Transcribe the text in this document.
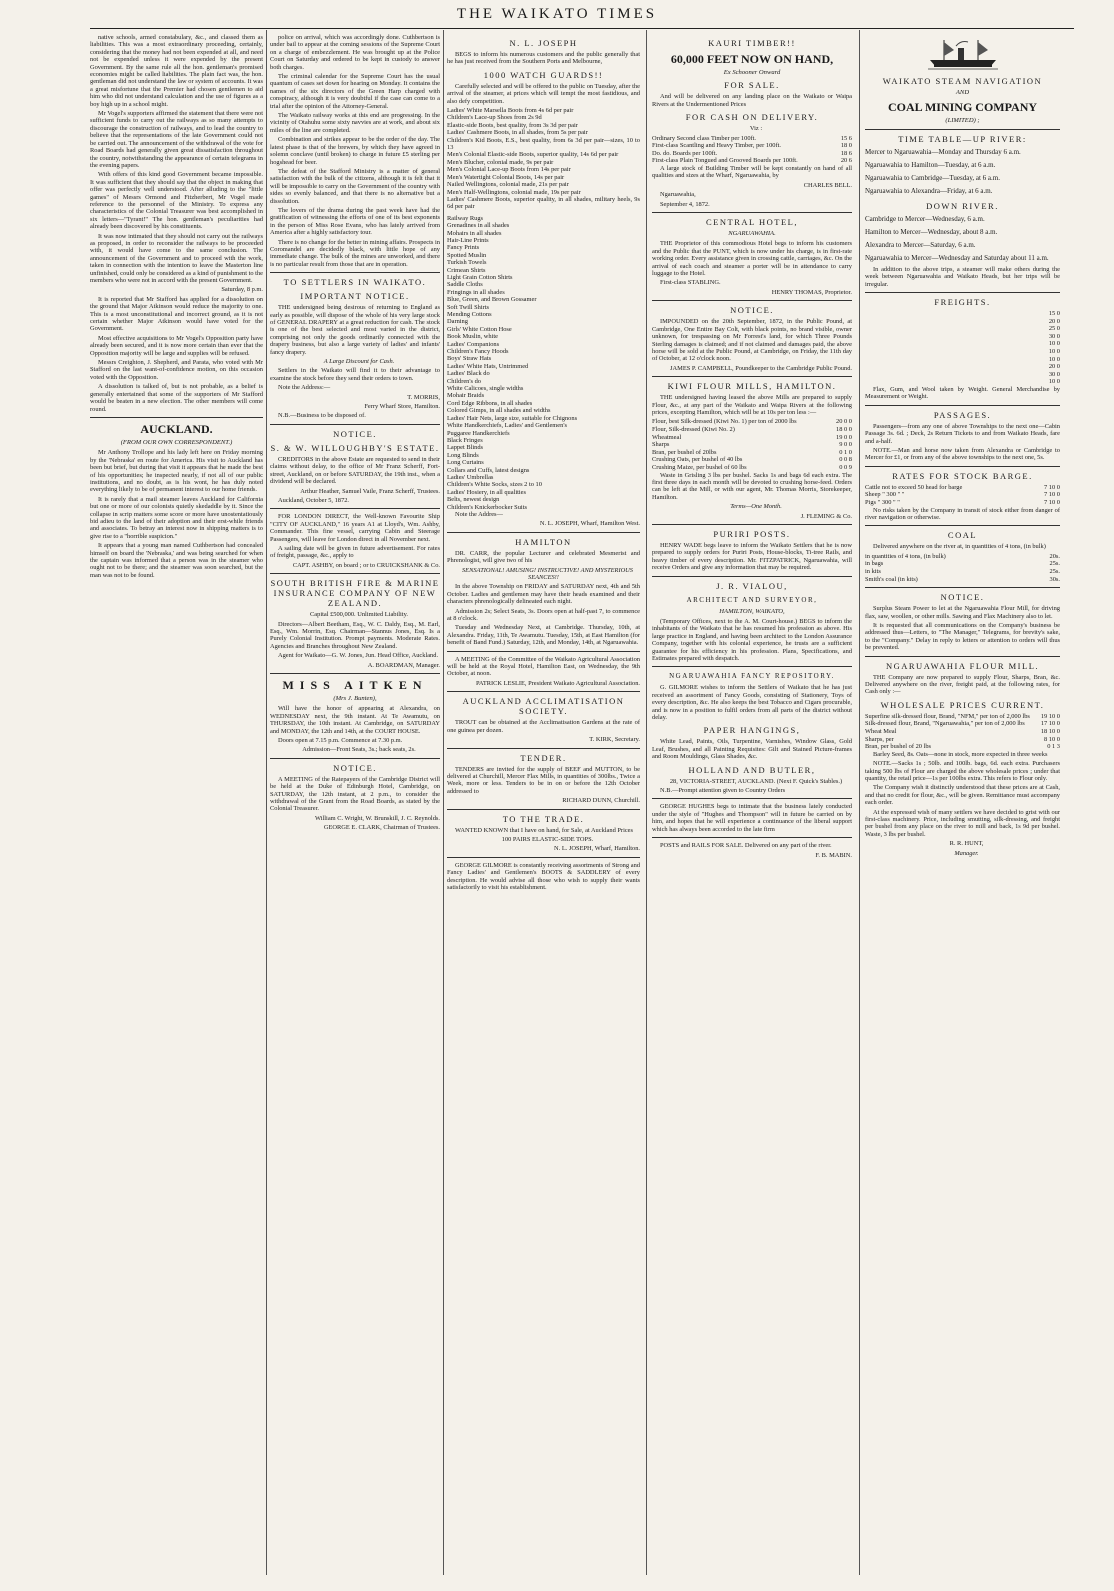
THE WAIKATO TIMES

native schools, armed constabulary, &c., and classed them as liabilities. This was a most extraordinary proceeding, certainly, considering that the money had not been expended at all, and need not be expended unless it were expended by the present Government. By the same rule all the hon. gentleman's promised economies might be called liabilities. The plain fact was, the hon. gentleman did not understand the law or system of accounts. It was a great misfortune that the Premier had chosen gentlemen to aid him who did not understand calculation and the use of figures as a boy high up in a school might.

Mr Vogel's supporters affirmed the statement that there were not sufficient funds to carry out the railways as so many attempts to discourage the construction of railways, and to lead the country to believe that the representations of the late Government could not be carried out. The announcement of the withdrawal of the vote for Road Boards had generally given great dissatisfaction throughout the country, notwithstanding the appearance of certain telegrams in the evening papers.

With offers of this kind good Government became impossible. It was sufficient that they should say that the object in making that offer was perfectly well understood. After alluding to the "little games" of Messrs Ormond and Fitzherbert, Mr Vogel made reference to the personnel of the Ministry. To express any characteristics of the Colonial Treasurer was best accomplished in six letters—"Tyrant!" The hon. gentleman's peculiarities had already been discovered by his constituents.

It was now intimated that they should not carry out the railways as proposed, in order to reconsider the railways to be proceeded with, it would have come to the same conclusion. The announcement of the Government and to proceed with the work, taken in connection with the intention to leave the Masterton line unfinished, could only be considered as a kind of punishment to the members who were not in accord with the present Government.

Saturday, 8 p.m.

It is reported that Mr Stafford has applied for a dissolution on the ground that Major Atkinson would reduce the majority to one. This is a most unconstitutional and incorrect ground, as it is not certain whether Major Atkinson would have voted for the Government.

Most effective acquisitions to Mr Vogel's Opposition party have already been secured, and it is now more certain than ever that the Opposition majority will be large and supplies will be refused.

Messrs Creighton, J. Shepherd, and Parata, who voted with Mr Stafford on the last want-of-confidence motion, on this occasion voted with the Opposition.

A dissolution is talked of, but is not probable, as a belief is generally entertained that some of the supporters of Mr Stafford would be beaten in a new election. The other members will come round.

AUCKLAND.
(FROM OUR OWN CORRESPONDENT.)

Mr Anthony Trollope and his lady left here on Friday morning by the 'Nebraska' en route for America. His visit to Auckland has been but brief, but during that visit it appears that he made the best of his opportunities; he inspected nearly, if not all of our public institutions, and no doubt, as is his wont, he has duly noted everything likely to be of permanent interest to our home friends.

It is rarely that a mail steamer leaves Auckland for California but one or more of our colonists quietly skedaddle by it. Since the collapse in scrip matters some score or more have unostentatiously bid adieu to the land of their adoption and their erst-while friends and associates. To betray an interest now in shipping matters is to give rise to a "horrible suspicion."

It appears that a young man named Cuthbertson had concealed himself on board the 'Nebraska,' and was being searched for when the captain was informed that a person was in the steamer who ought not to be there; and the steamer was soon searched, but the man was not to be found.

police on arrival, which was accordingly done. Cuthbertson is under bail to appear at the coming sessions of the Supreme Court on a charge of embezzlement. He was brought up at the Police Court on Saturday and ordered to be kept in custody to answer both charges.

The criminal calendar for the Supreme Court has the usual quantum of cases set down for hearing on Monday. It contains the names of the six directors of the Green Harp charged with conspiracy, although it is very doubtful if the case can come to a trial after the opinion of the Attorney-General.

The Waikato railway works at this end are progressing. In the vicinity of Otahuhu some sixty navvies are at work, and about six miles of the line are completed.

Combination and strikes appear to be the order of the day. The latest phase is that of the brewers, by which they have agreed in solemn conclave (until broken) to charge in future £5 sterling per hogshead for beer.

The defeat of the Stafford Ministry is a matter of general satisfaction with the bulk of the citizens, although it is felt that it will be impossible to carry on the Government of the country with sides so evenly balanced, and that there is no alternative but a dissolution.

The lovers of the drama during the past week have had the gratification of witnessing the efforts of one of its best exponents in the person of Miss Rose Evans, who has lately arrived from America after a highly satisfactory tour.

There is no change for the better in mining affairs. Prospects in Coromandel are decidedly black, with little hope of any immediate change. The bulk of the mines are unworked, and there is no particular result from those that are in operation.

TO SETTLERS IN WAIKATO.
IMPORTANT NOTICE.

THE undersigned being desirous of returning to England as early as possible, will dispose of the whole of his very large stock of GENERAL DRAPERY at a great reduction for cash. The stock is one of the best selected and most varied in the district, comprising not only the goods ordinarily connected with the drapery business, but also a large variety of ladies' and infants' fancy drapery.

A Large Discount for Cash.

Settlers in the Waikato will find it to their advantage to examine the stock before they send their orders to town.

Note the Address:—

T. MORRIS,

Ferry Wharf Store, Hamilton.

N.B.—Business to be disposed of.

NOTICE.
S. & W. WILLOUGHBY'S ESTATE.

CREDITORS in the above Estate are requested to send in their claims without delay, to the office of Mr Franz Scherff, Fort-street, Auckland, on or before SATURDAY, the 19th inst., when a dividend will be declared.

Arthur Heather, Samuel Vaile, Franz Scherff, Trustees.

Auckland, October 5, 1872.

FOR LONDON DIRECT, the Well-known Favourite Ship "CITY OF AUCKLAND," 16 years A1 at Lloyd's, Wm. Ashby, Commander. This fine vessel, carrying Cabin and Steerage Passengers, will leave for London direct in all November next.

A sailing date will be given in future advertisement. For rates of freight, passage, &c., apply to

CAPT. ASHBY, on board ; or to CRUICKSHANK & Co.

SOUTH BRITISH FIRE & MARINE INSURANCE COMPANY OF NEW ZEALAND.

Capital £500,000. Unlimited Liability.

Directors—Albert Beetham, Esq., W. C. Daldy, Esq., M. Earl, Esq., Wm. Morrin, Esq. Chairman—Stannus Jones, Esq. Is a Purely Colonial Institution. Prompt payments. Moderate Rates. Agencies and Branches throughout New Zealand.

Agent for Waikato—G. W. Jones, Jun. Head Office, Auckland.

A. BOARDMAN, Manager.

MISS AITKEN
(Mrs J. Bunten),

Will have the honor of appearing at Alexandra, on WEDNESDAY next, the 9th instant. At Te Awamutu, on THURSDAY, the 10th instant. At Cambridge, on SATURDAY and MONDAY, the 12th and 14th, at the COURT HOUSE.

Doors open at 7.15 p.m. Commence at 7.30 p.m.

Admission—Front Seats, 3s.; back seats, 2s.

NOTICE.

A MEETING of the Ratepayers of the Cambridge District will be held at the Duke of Edinburgh Hotel, Cambridge, on SATURDAY, the 12th instant, at 2 p.m., to consider the withdrawal of the Grant from the Road Boards, as stated by the Colonial Treasurer.

William C. Wright, W. Brunskill, J. C. Reynolds.

GEORGE E. CLARK, Chairman of Trustees.

N. L. JOSEPH

BEGS to inform his numerous customers and the public generally that he has just received from the Southern Ports and Melbourne,

1000 WATCH GUARDS!!

Carefully selected and will be offered to the public on Tuesday, after the arrival of the steamer, at prices which will tempt the most fastidious, and also defy competition.

Ladies' White Marsella Boots from 4s 6d per pair

Children's Lace-up Shoes from 2s 9d

Elastic-side Boots, best quality, from 3s 3d per pair

Ladies' Cashmere Boots, in all shades, from 5s per pair

Children's Kid Boots, E.S., best quality, from 6s 3d per pair—sizes, 10 to 13

Men's Colonial Elastic-side Boots, superior quality, 14s 6d per pair

Men's Blucher, colonial made, 9s per pair

Men's Colonial Lace-up Boots from 14s per pair

Men's Watertight Colonial Boots, 14s per pair

Nailed Wellingtons, colonial made, 21s per pair

Men's Half-Wellingtons, colonial made, 19s per pair

Ladies' Cashmere Boots, superior quality, in all shades, military heels, 9s 6d per pair

Railway Rugs

Grenadines in all shades

Mohairs in all shades

Hair-Line Prints

Fancy Prints

Spotted Muslin

Turkish Towels

Crimean Shirts

Light Grain Cotton Shirts

Saddle Cloths

Fringings in all shades

Blue, Green, and Brown Gossamer

Soft Twill Shirts

Mending Cottons

Darning

Girls' White Cotton Hose

Book Muslin, white

Ladies' Companions

Children's Fancy Hoods

Boys' Straw Hats

Ladies' White Hats, Untrimmed

Ladies' Black do

Children's do

White Calicoes, single widths

Mohair Braids

Cord Edge Ribbons, in all shades

Colored Gimps, in all shades and widths

Ladies' Hair Nets, large size, suitable for Chignons

White Handkerchiefs, Ladies' and Gentlemen's

Puggaree Handkerchiefs

Black Fringes

Lappet Blinds

Long Blinds

Long Curtains

Collars and Cuffs, latest designs

Ladies' Umbrellas

Children's White Socks, sizes 2 to 10

Ladies' Hosiery, in all qualities

Belts, newest design

Children's Knickerbocker Suits

Note the Addres—

N. L. JOSEPH, Wharf, Hamilton West.

HAMILTON

DR. CARR, the popular Lecturer and celebrated Mesmerist and Phrenologist, will give two of his

SENSATIONAL! AMUSING! INSTRUCTIVE! AND MYSTERIOUS SEANCES!!

In the above Township on FRIDAY and SATURDAY next, 4th and 5th October. Ladies and gentlemen may have their heads examined and their characters phrenologically delineated each night.

Admission 2s; Select Seats, 3s. Doors open at half-past 7, to commence at 8 o'clock.

Tuesday and Wednesday Next, at Cambridge. Thursday, 10th, at Alexandra. Friday, 11th, Te Awamutu. Tuesday, 15th, at East Hamilton (for benefit of Band Fund.) Saturday, 12th, and Monday, 14th, at Ngaruawahia.

A MEETING of the Committee of the Waikato Agricultural Association will be held at the Royal Hotel, Hamilton East, on Wednesday, the 9th October, at noon.

PATRICK LESLIE, President Waikato Agricultural Association.

AUCKLAND ACCLIMATISATION SOCIETY.

TROUT can be obtained at the Acclimatisation Gardens at the rate of one guinea per dozen.

T. KIRK, Secretary.

TENDER.

TENDERS are invited for the supply of BEEF and MUTTON, to be delivered at Churchill, Mercer Flax Mills, in quantities of 300lbs., Twice a Week, more or less. Tenders to be in on or before the 12th October addressed to

RICHARD DUNN, Churchill.

TO THE TRADE.

WANTED KNOWN that I have on hand, for Sale, at Auckland Prices

100 PAIRS ELASTIC-SIDE TOPS.

N. L. JOSEPH, Wharf, Hamilton.

GEORGE GILMORE is constantly receiving assortments of Strong and Fancy Ladies' and Gentlemen's BOOTS & SADDLERY of every description. He would advise all those who wish to supply their wants satisfactorily to visit his establishment.

KAURI TIMBER!!
60,000 FEET NOW ON HAND,
Ex Schooner Onward
FOR SALE.

And will be delivered on any landing place on the Waikato or Waipa Rivers at the Undermentioned Prices

FOR CASH ON DELIVERY.

Viz :

Ordinary Second class Timber per 100ft.	15 6
First-class Scantling and Heavy Timber, per 100ft.	18 0
Do. do. Boards per 100ft.	18 6
First-class Plain Tongued and Grooved Boards per 100ft.	20 6

A large stock of Building Timber will be kept constantly on hand of all qualities and sizes at the Wharf, Ngaruawahia, by

CHARLES BELL.

Ngaruawahia,

September 4, 1872.

CENTRAL HOTEL,
NGARUAWAHIA.

THE Proprietor of this commodious Hotel begs to inform his customers and the Public that the PUNT, which is now under his charge, is in first-rate working order. Every assistance given in crossing cattle, carriages, &c. On the arrival of each coach and steamer a porter will be in attendance to carry luggage to the Hotel.

First-class STABLING.

HENRY THOMAS, Proprietor.

NOTICE.

IMPOUNDED on the 20th September, 1872, in the Public Pound, at Cambridge, One Entire Bay Colt, with black points, no brand visible, owner unknown, for trespassing on Mr Forrest's land, for which Three Pounds Sterling damages is claimed; and if not claimed and damages paid, the above horse will be sold at the Public Pound, at Cambridge, on Friday, the 11th day of October, at 12 o'clock noon.

JAMES P. CAMPBELL, Poundkeeper to the Cambridge Public Pound.

KIWI FLOUR MILLS, HAMILTON.

THE undersigned having leased the above Mills are prepared to supply Flour, &c., at any part of the Waikato and Waipa Rivers at the following prices, excepting Hamilton, which will be at 10s per ton less :—

Flour, best Silk-dressed (Kiwi No. 1) per ton of 2000 lbs	20 0 0
Flour, Silk-dressed (Kiwi No. 2)	18 0 0
Wheatmeal	19 0 0
Sharps	9 0 0
Bran, per bushel of 20lbs	0 1 0
Crushing Oats, per bushel of 40 lbs	0 0 8
Crushing Maize, per bushel of 60 lbs	0 0 9

Waste in Grisling 3 lbs per bushel. Sacks 1s and bags 6d each extra. The first three days in each month will be devoted to crushing horse-feed. Orders can be left at the Mill, or with our agent, Mr. Thomas Morris, Storekeeper, Hamilton.

Terms—One Month.

J. FLEMING & Co.

PURIRI POSTS.

HENRY WADE begs leave to inform the Waikato Settlers that he is now prepared to supply orders for Puriri Posts, House-blocks, Ti-tree Rails, and heavy timber of every description. Mr. FITZPATRICK, Ngaruawahia, will receive Orders and give any information that may be required.

J. R. VIALOU,
ARCHITECT AND SURVEYOR,
HAMILTON, WAIKATO,

(Temporary Offices, next to the A. M. Court-house.) BEGS to inform the inhabitants of the Waikato that he has resumed his profession as above. His large practice in England, and having been architect to the London Assurance Company, together with his colonial experience, he trusts are a sufficient guarantee for his efficiency in his profession. Plans, Specifications, and Estimates prepared with despatch.

NGARUAWAHIA FANCY REPOSITORY.

G. GILMORE wishes to inform the Settlers of Waikato that he has just received an assortment of Fancy Goods, consisting of Stationery, Toys of every description, &c. He also keeps the best Tobacco and Cigars procurable, and is now in a position to fulfil orders from all parts of the district without delay.

PAPER HANGINGS,

White Lead, Paints, Oils, Turpentine, Varnishes, Window Glass, Gold Leaf, Brushes, and all Painting Requisites: Gilt and Stained Picture-frames and Room Mouldings, Glass Shades, &c.

HOLLAND AND BUTLER,

28, VICTORIA-STREET, AUCKLAND. (Next F. Quick's Stables.)

N.B.—Prompt attention given to Country Orders

GEORGE HUGHES begs to intimate that the business lately conducted under the style of "Hughes and Thompson" will in future be carried on by him, and hopes that he will experience a continuance of the liberal support which has always been accorded to the late firm

POSTS and RAILS FOR SALE. Delivered on any part of the river.

F. B. MABIN.

WAIKATO STEAM NAVIGATION
AND
COAL MINING COMPANY
(LIMITED) ;
TIME TABLE—UP RIVER:

Mercer to Ngaruawahia—Monday and Thursday 6 a.m.

Ngaruawahia to Hamilton—Tuesday, at 6 a.m.

Ngaruawahia to Cambridge—Tuesday, at 6 a.m.

Ngaruawahia to Alexandra—Friday, at 6 a.m.

DOWN RIVER.

Cambridge to Mercer—Wednesday, 6 a.m.

Hamilton to Mercer—Wednesday, about 8 a.m.

Alexandra to Mercer—Saturday, 6 a.m.

Ngaruawahia to Mercer—Wednesday and Saturday about 11 a.m.

In addition to the above trips, a steamer will make others during the week between Ngaruawahia and Waikato Heads, but her trips will be irregular.

FREIGHTS.
15 0
20 0
25 0
30 0
10 0
10 0
10 0
20 0
30 0
10 0

Flax, Gum, and Wool taken by Weight. General Merchandise by Measurement or Weight.

PASSAGES.

Passengers—from any one of above Townships to the next one—Cabin Passage 3s. 6d. ; Deck, 2s Return Tickets to and from Waikato Heads, fare and a-half.

NOTE.—Man and horse now taken from Alexandra or Cambridge to Mercer for £1, or from any of the above townships to the next one, 5s.

RATES FOR STOCK BARGE.
Cattle not to exceed 50 head for barge	7 10 0
Sheep " 300 " "	7 10 0
Pigs " 300 " "	7 10 0

No risks taken by the Company in transit of stock either from danger of river navigation or otherwise.

COAL

Delivered anywhere on the river at, in quantities of 4 tons, (in bulk)

in quantities of 4 tons, (in bulk)	20s.
in bags	25s.
in kits	25s.
Smith's coal (in kits)	30s.
NOTICE.

Surplus Steam Power to let at the Ngaruawahia Flour Mill, for driving flax, saw, woollen, or other mills. Sawing and Flax Machinery also to let.

It is requested that all communications on the Company's business be addressed thus—Letters, to "The Manager," Telegrams, for brevity's sake, to the "Company." Delay in reply to letters or attention to orders will thus be prevented.

NGARUAWAHIA FLOUR MILL.

THE Company are now prepared to supply Flour, Sharps, Bran, &c. Delivered anywhere on the river, freight paid, at the following rates, for Cash only :—

WHOLESALE PRICES CURRENT.
Superfine silk-dressed flour, Brand, "NFM," per ton of 2,000 lbs	19 10 0
Silk-dressed flour, Brand, "Ngaruawahia," per ton of 2,000 lbs	17 10 0
Wheat Meal	18 10 0
Sharps, per	8 10 0
Bran, per bushel of 20 lbs	0 1 3

Barley Seed, 8s. Oats—none in stock, more expected in three weeks

NOTE.—Sacks 1s ; 50lb. and 100lb. bags, 6d. each extra. Purchasers taking 500 lbs of Flour are charged the above wholesale prices ; under that quantity, the retail price—1s per 100lbs extra. This refers to Flour only.

The Company wish it distinctly understood that these prices are at Cash, and that no credit for flour, &c., will be given. Remittance must accompany each order.

At the expressed wish of many settlers we have decided to grist with our first-class machinery. Price, including smutting, silk-dressing, and freight per bushel from any place on the river to mill and back, 1s 9d per bushel. Waste, 3 lbs per bushel.

R. R. HUNT,

Manager.
